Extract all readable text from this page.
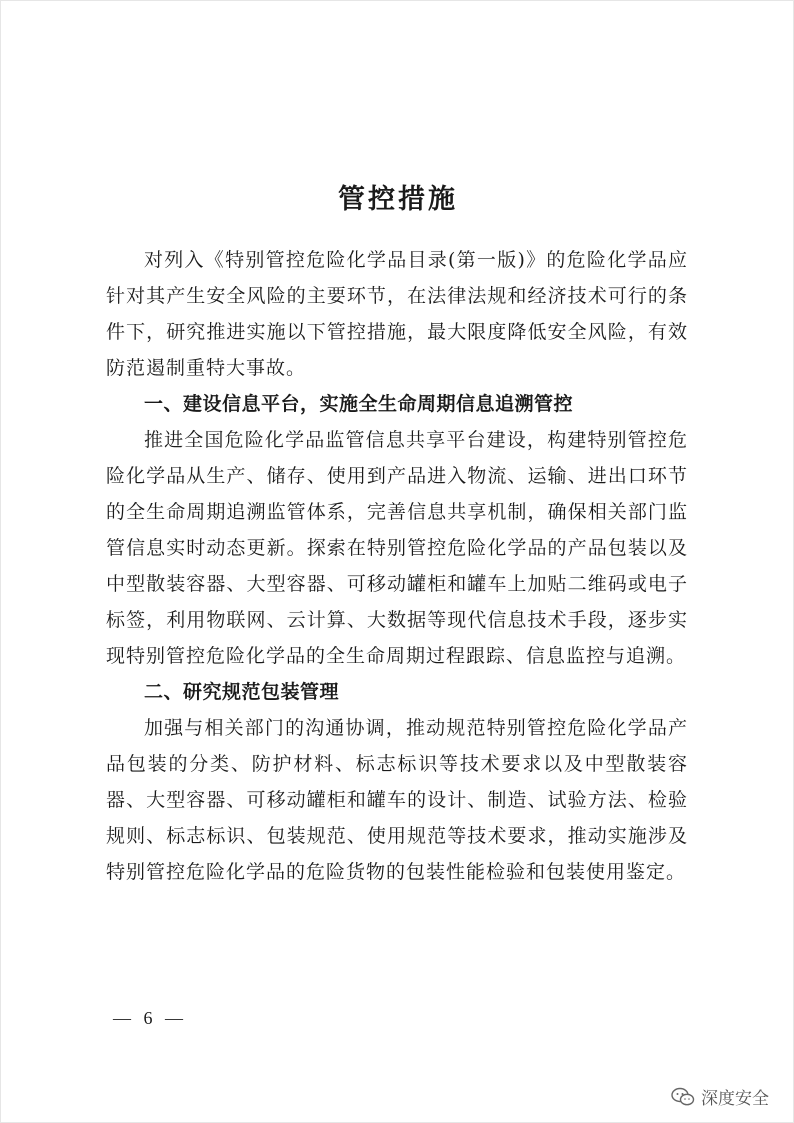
管控措施

对列入《特别管控危险化学品目录(第一版)》的危险化学品应针对其产生安全风险的主要环节，在法律法规和经济技术可行的条件下，研究推进实施以下管控措施，最大限度降低安全风险，有效防范遏制重特大事故。

一、建设信息平台，实施全生命周期信息追溯管控

推进全国危险化学品监管信息共享平台建设，构建特别管控危险化学品从生产、储存、使用到产品进入物流、运输、进出口环节的全生命周期追溯监管体系，完善信息共享机制，确保相关部门监管信息实时动态更新。探索在特别管控危险化学品的产品包装以及中型散装容器、大型容器、可移动罐柜和罐车上加贴二维码或电子标签，利用物联网、云计算、大数据等现代信息技术手段，逐步实现特别管控危险化学品的全生命周期过程跟踪、信息监控与追溯。

二、研究规范包装管理

加强与相关部门的沟通协调，推动规范特别管控危险化学品产品包装的分类、防护材料、标志标识等技术要求以及中型散装容器、大型容器、可移动罐柜和罐车的设计、制造、试验方法、检验规则、标志标识、包装规范、使用规范等技术要求，推动实施涉及特别管控危险化学品的危险货物的包装性能检验和包装使用鉴定。

— 6 —
深度安全
